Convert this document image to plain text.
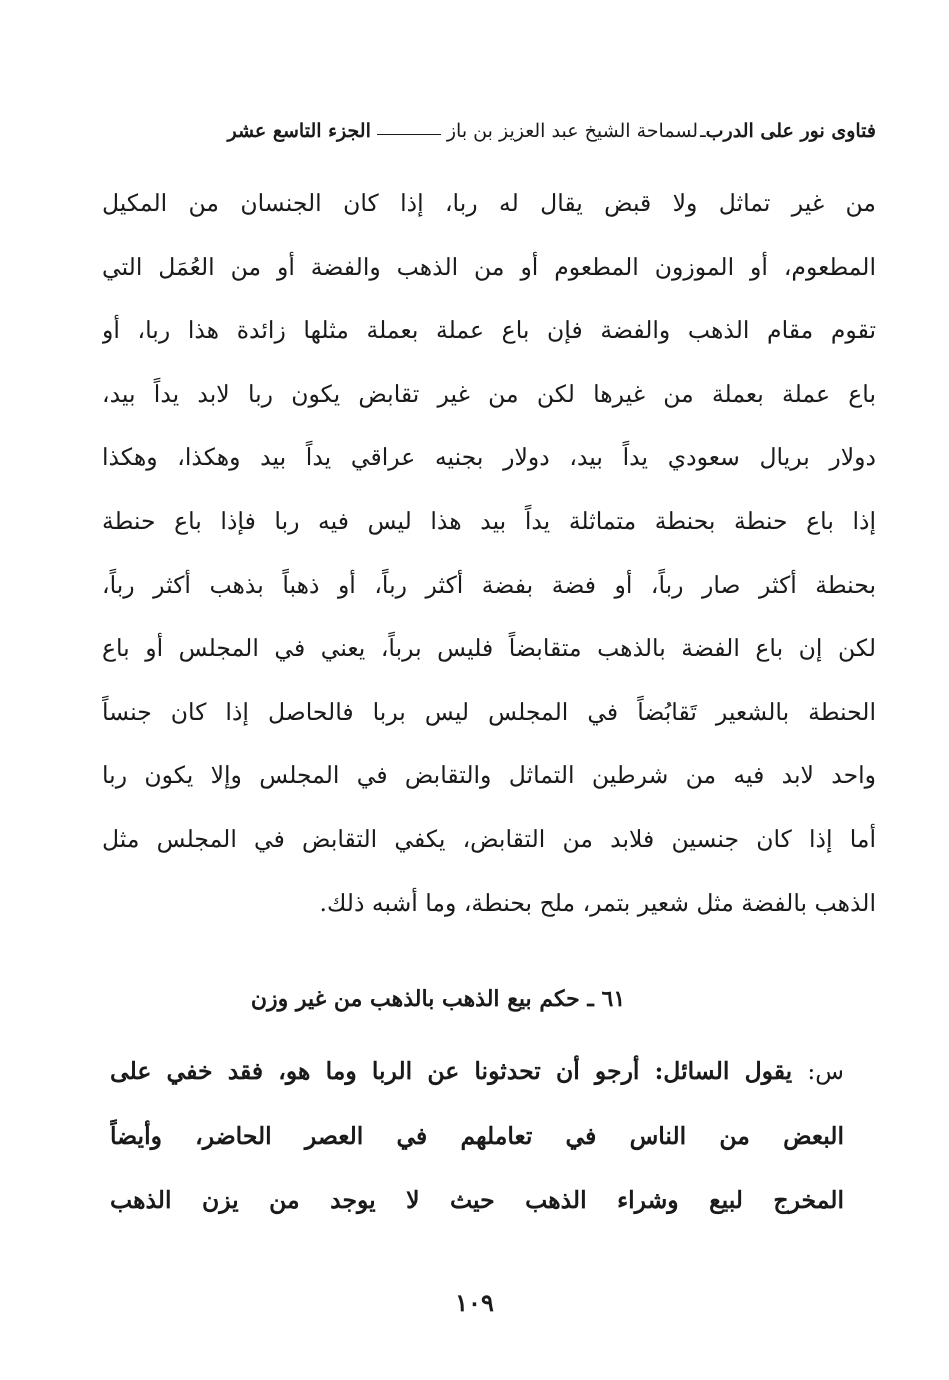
فتاوى نور على الدرب
ـ
لسماحة الشيخ عبد العزيز بن باز
الجزء التاسع عشر
من غير تماثل ولا قبض يقال له ربا، إذا كان الجنسان من المكيل
المطعوم، أو الموزون المطعوم أو من الذهب والفضة أو من العُمَل التي
تقوم مقام الذهب والفضة فإن باع عملة بعملة مثلها زائدة هذا ربا، أو
باع عملة بعملة من غيرها لكن من غير تقابض يكون ربا لابد يداً بيد،
دولار بريال سعودي يداً بيد، دولار بجنيه عراقي يداً بيد وهكذا، وهكذا
إذا باع حنطة بحنطة متماثلة يداً بيد هذا ليس فيه ربا فإذا باع حنطة
بحنطة أكثر صار رباً، أو فضة بفضة أكثر رباً، أو ذهباً بذهب أكثر رباً،
لكن إن باع الفضة بالذهب متقابضاً فليس برباً، يعني في المجلس أو باع
الحنطة بالشعير تَقابُضاً في المجلس ليس بربا فالحاصل إذا كان جنساً
واحد لابد فيه من شرطين التماثل والتقابض في المجلس وإلا يكون ربا
أما إذا كان جنسين فلابد من التقابض، يكفي التقابض في المجلس مثل
الذهب بالفضة مثل شعير بتمر، ملح بحنطة، وما أشبه ذلك.
٦١ ـ حكم بيع الذهب بالذهب من غير وزن
س: يقول السائل: أرجو أن تحدثونا عن الربا وما هو، فقد خفي على
البعض من الناس في تعاملهم في العصر الحاضر، وأيضاً
المخرج لبيع وشراء الذهب حيث لا يوجد من يزن الذهب
١٠٩
